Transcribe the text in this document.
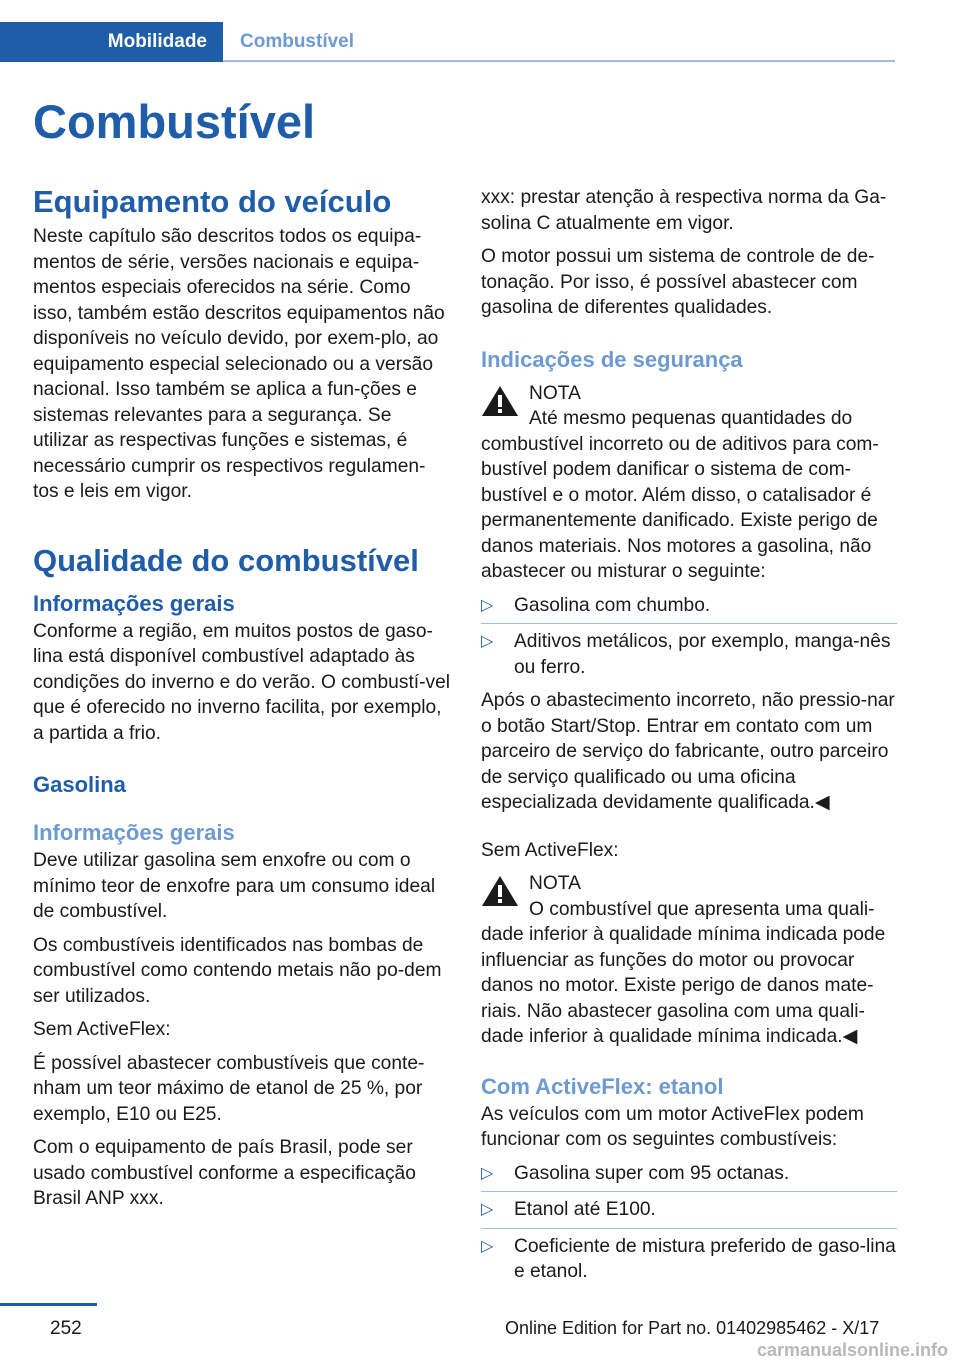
Mobilidade	Combustível
Combustível
Equipamento do veículo

Neste capítulo são descritos todos os equipa-mentos de série, versões nacionais e equipa-mentos especiais oferecidos na série. Como isso, também estão descritos equipamentos não disponíveis no veículo devido, por exem-plo, ao equipamento especial selecionado ou a versão nacional. Isso também se aplica a fun-ções e sistemas relevantes para a segurança. Se utilizar as respectivas funções e sistemas, é necessário cumprir os respectivos regulamen-tos e leis em vigor.

Qualidade do combustível
Informações gerais

Conforme a região, em muitos postos de gaso-lina está disponível combustível adaptado às condições do inverno e do verão. O combustí-vel que é oferecido no inverno facilita, por exemplo, a partida a frio.

Gasolina
Informações gerais

Deve utilizar gasolina sem enxofre ou com o mínimo teor de enxofre para um consumo ideal de combustível.

Os combustíveis identificados nas bombas de combustível como contendo metais não po-dem ser utilizados.

Sem ActiveFlex:

É possível abastecer combustíveis que conte-nham um teor máximo de etanol de 25 %, por exemplo, E10 ou E25.

Com o equipamento de país Brasil, pode ser usado combustível conforme a especificação Brasil ANP xxx.

xxx: prestar atenção à respectiva norma da Ga-solina C atualmente em vigor.

O motor possui um sistema de controle de de-tonação. Por isso, é possível abastecer com gasolina de diferentes qualidades.

Indicações de segurança
NOTA

Até mesmo pequenas quantidades do

combustível incorreto ou de aditivos para com-bustível podem danificar o sistema de com-bustível e o motor. Além disso, o catalisador é permanentemente danificado. Existe perigo de danos materiais. Nos motores a gasolina, não abastecer ou misturar o seguinte:

▷ Gasolina com chumbo.
▷ Aditivos metálicos, por exemplo, manga-nês ou ferro.

Após o abastecimento incorreto, não pressio-nar o botão Start/Stop. Entrar em contato com um parceiro de serviço do fabricante, outro parceiro de serviço qualificado ou uma oficina especializada devidamente qualificada.◀

Sem ActiveFlex:

NOTA

O combustível que apresenta uma quali-

dade inferior à qualidade mínima indicada pode influenciar as funções do motor ou provocar danos no motor. Existe perigo de danos mate-riais. Não abastecer gasolina com uma quali-dade inferior à qualidade mínima indicada.◀

Com ActiveFlex: etanol

As veículos com um motor ActiveFlex podem funcionar com os seguintes combustíveis:

▷ Gasolina super com 95 octanas.
▷ Etanol até E100.
▷ Coeficiente de mistura preferido de gaso-lina e etanol.
252	Online Edition for Part no. 01402985462 - X/17
carmanualsonline.info
